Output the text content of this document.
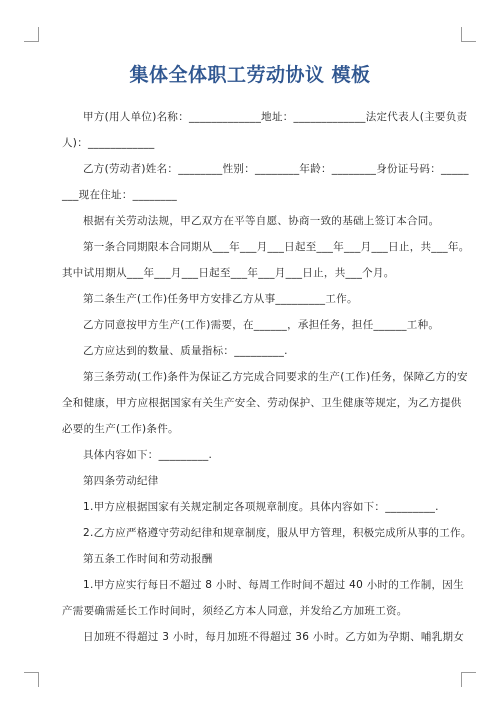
集体全体职工劳动协议 模板

甲方(用人单位)名称：_____________地址：_____________法定代表人(主要负责

人)：____________

乙方(劳动者)姓名：________性别：________年龄：________身份证号码：_____

___现在住址：________

根据有关劳动法规，甲乙双方在平等自愿、协商一致的基础上签订本合同。

第一条合同期限本合同期从___年___月___日起至___年___月___日止，共___年。

其中试用期从___年___月___日起至___年___月___日止，共___个月。

第二条生产(工作)任务甲方安排乙方从事_________工作。

乙方同意按甲方生产(工作)需要，在______，承担任务，担任______工种。

乙方应达到的数量、质量指标：_________.

第三条劳动(工作)条件为保证乙方完成合同要求的生产(工作)任务，保障乙方的安

全和健康，甲方应根据国家有关生产安全、劳动保护、卫生健康等规定，为乙方提供

必要的生产(工作)条件。

具体内容如下：_________.

第四条劳动纪律

1.甲方应根据国家有关规定制定各项规章制度。具体内容如下：_________.

2.乙方应严格遵守劳动纪律和规章制度，服从甲方管理，积极完成所从事的工作。

第五条工作时间和劳动报酬

1.甲方应实行每日不超过 8 小时、每周工作时间不超过 40 小时的工作制，因生

产需要确需延长工作时间时，须经乙方本人同意，并发给乙方加班工资。

日加班不得超过 3 小时，每月加班不得超过 36 小时。乙方如为孕期、哺乳期女
